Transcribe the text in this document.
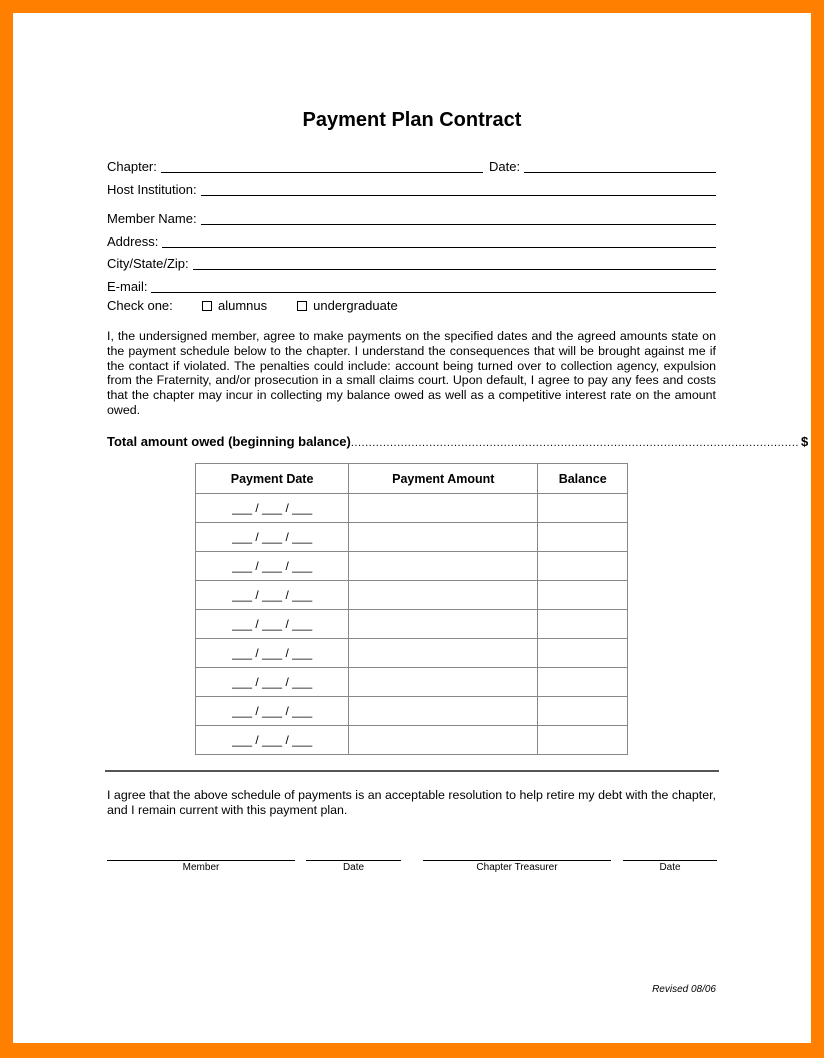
Payment Plan Contract
Chapter:	Date:
Host Institution:
Member Name:
Address:
City/State/Zip:
E-mail:
Check one:	alumnus	undergraduate
I, the undersigned member, agree to make payments on the specified dates and the agreed amounts state on the payment schedule below to the chapter. I understand the consequences that will be brought against me if the contact if violated. The penalties could include: account being turned over to collection agency, expulsion from the Fraternity, and/or prosecution in a small claims court. Upon default, I agree to pay any fees and costs that the chapter may incur in collecting my balance owed as well as a competitive interest rate on the amount owed.
Total amount owed (beginning balance) .............................................................................................................................. $
Payment Date	Payment Amount	Balance
___ / ___ / ___		
___ / ___ / ___		
___ / ___ / ___		
___ / ___ / ___		
___ / ___ / ___		
___ / ___ / ___		
___ / ___ / ___		
___ / ___ / ___		
___ / ___ / ___		
I agree that the above schedule of payments is an acceptable resolution to help retire my debt with the chapter, and I remain current with this payment plan.
Member	Date	Chapter Treasurer	Date
Revised 08/06
